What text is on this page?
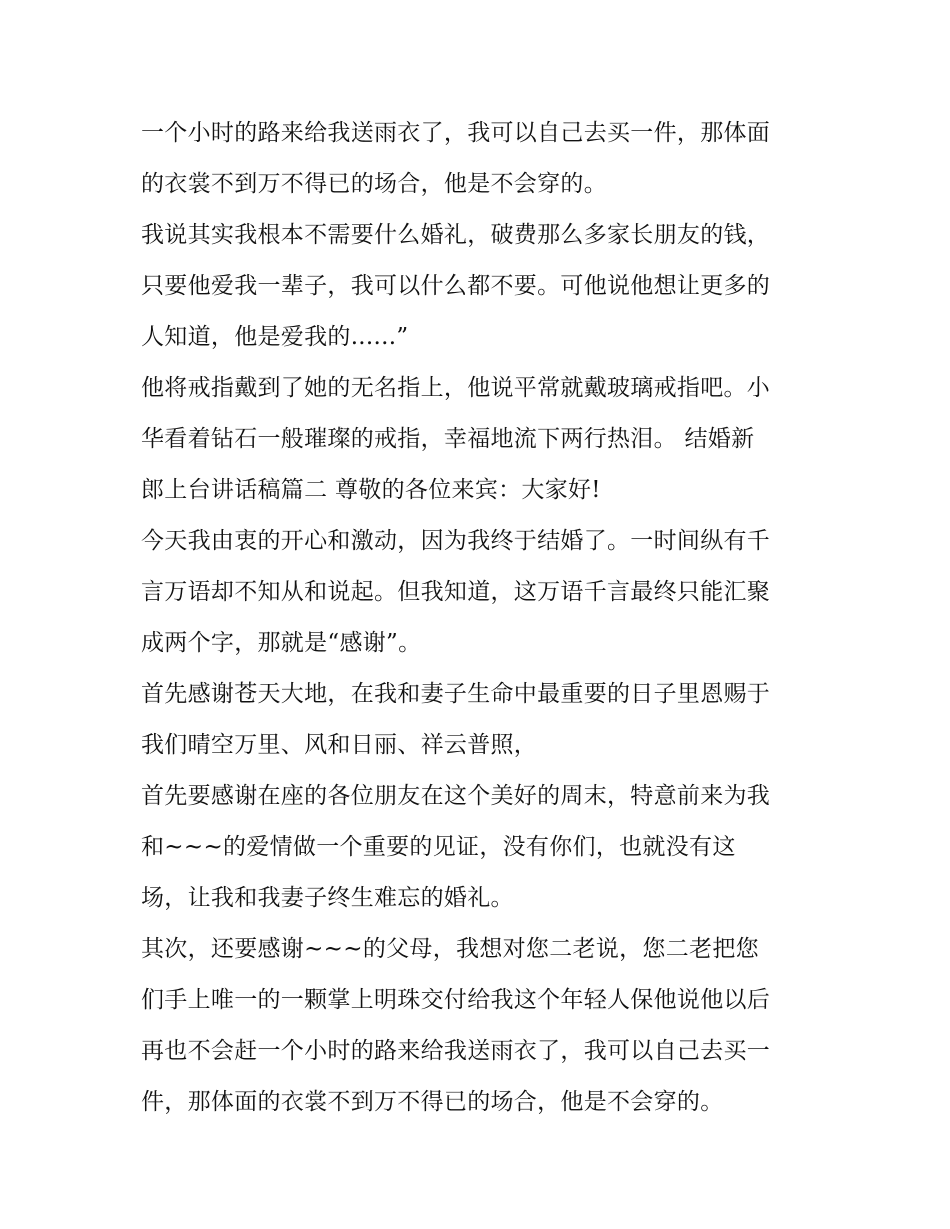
一个小时的路来给我送雨衣了，我可以自己去买一件，那体面
的衣裳不到万不得已的场合，他是不会穿的。
我说其实我根本不需要什么婚礼，破费那么多家长朋友的钱，
只要他爱我一辈子，我可以什么都不要。可他说他想让更多的
人知道，他是爱我的......”
他将戒指戴到了她的无名指上，他说平常就戴玻璃戒指吧。小
华看着钻石一般璀璨的戒指，幸福地流下两行热泪。 结婚新
郎上台讲话稿篇二 尊敬的各位来宾：大家好!
今天我由衷的开心和激动，因为我终于结婚了。一时间纵有千
言万语却不知从和说起。但我知道，这万语千言最终只能汇聚
成两个字，那就是“感谢”。
首先感谢苍天大地，在我和妻子生命中最重要的日子里恩赐于
我们晴空万里、风和日丽、祥云普照，
首先要感谢在座的各位朋友在这个美好的周末，特意前来为我
和~~~的爱情做一个重要的见证，没有你们，也就没有这
场，让我和我妻子终生难忘的婚礼。
其次，还要感谢~~~的父母，我想对您二老说，您二老把您
们手上唯一的一颗掌上明珠交付给我这个年轻人保他说他以后
再也不会赶一个小时的路来给我送雨衣了，我可以自己去买一
件，那体面的衣裳不到万不得已的场合，他是不会穿的。
